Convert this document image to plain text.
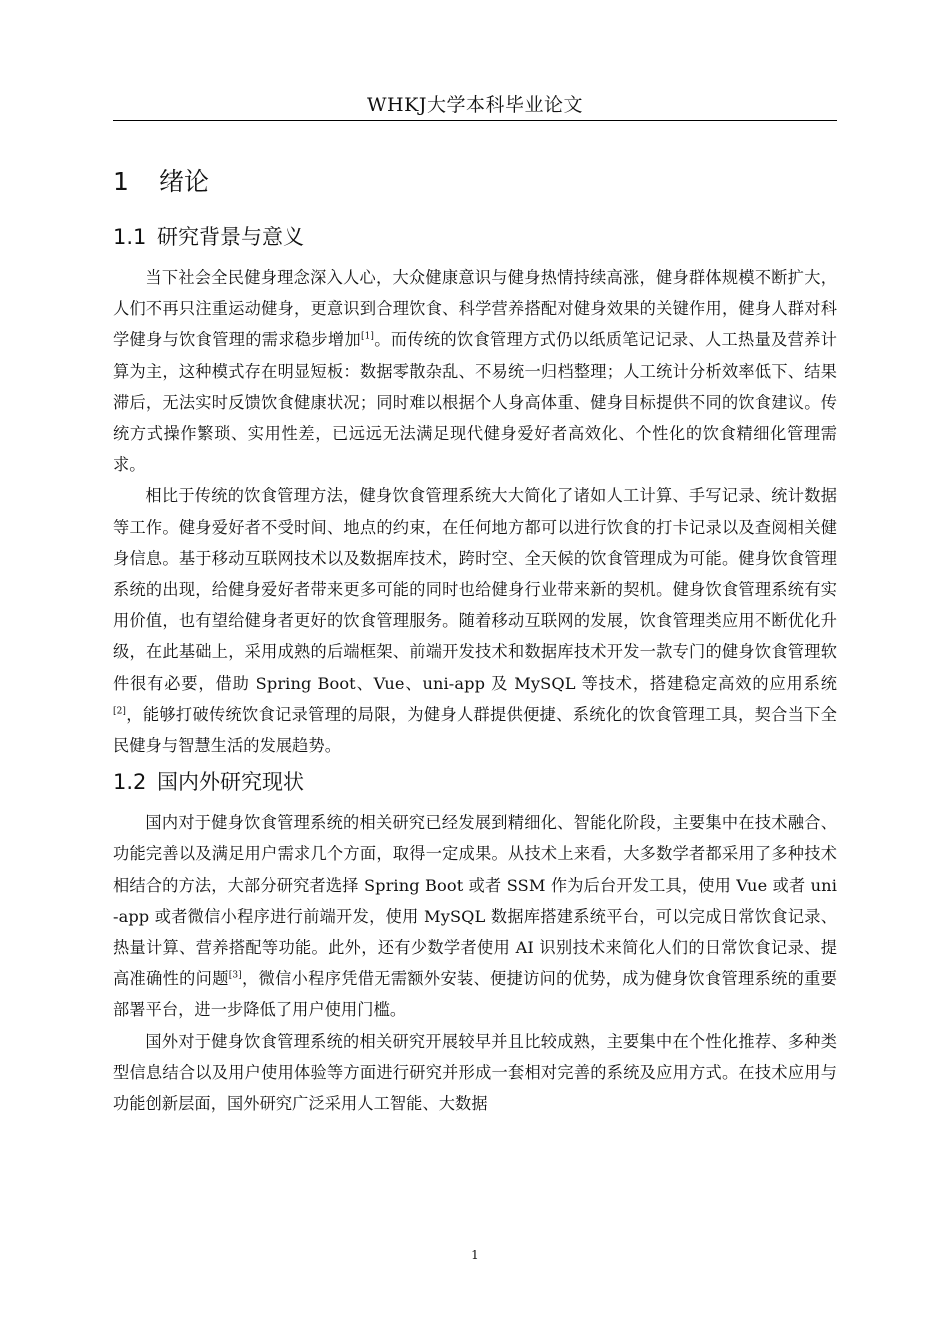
WHKJ大学本科毕业论文
1 绪论
1.1 研究背景与意义

当下社会全民健身理念深入人心，大众健康意识与健身热情持续高涨，健身群体规模不断扩大，人们不再只注重运动健身，更意识到合理饮食、科学营养搭配对健身效果的关键作用，健身人群对科学健身与饮食管理的需求稳步增加[1]。而传统的饮食管理方式仍以纸质笔记记录、人工热量及营养计算为主，这种模式存在明显短板：数据零散杂乱、不易统一归档整理；人工统计分析效率低下、结果滞后，无法实时反馈饮食健康状况；同时难以根据个人身高体重、健身目标提供不同的饮食建议。传统方式操作繁琐、实用性差，已远远无法满足现代健身爱好者高效化、个性化的饮食精细化管理需求。

相比于传统的饮食管理方法，健身饮食管理系统大大简化了诸如人工计算、手写记录、统计数据等工作。健身爱好者不受时间、地点的约束，在任何地方都可以进行饮食的打卡记录以及查阅相关健身信息。基于移动互联网技术以及数据库技术，跨时空、全天候的饮食管理成为可能。健身饮食管理系统的出现，给健身爱好者带来更多可能的同时也给健身行业带来新的契机。健身饮食管理系统有实用价值，也有望给健身者更好的饮食管理服务。随着移动互联网的发展，饮食管理类应用不断优化升级，在此基础上，采用成熟的后端框架、前端开发技术和数据库技术开发一款专门的健身饮食管理软件很有必要，借助 Spring Boot、Vue、uni-app 及 MySQL 等技术，搭建稳定高效的应用系统[2]，能够打破传统饮食记录管理的局限，为健身人群提供便捷、系统化的饮食管理工具，契合当下全民健身与智慧生活的发展趋势。

1.2 国内外研究现状

国内对于健身饮食管理系统的相关研究已经发展到精细化、智能化阶段，主要集中在技术融合、功能完善以及满足用户需求几个方面，取得一定成果。从技术上来看，大多数学者都采用了多种技术相结合的方法，大部分研究者选择 Spring Boot 或者 SSM 作为后台开发工具，使用 Vue 或者 uni-app 或者微信小程序进行前端开发，使用 MySQL 数据库搭建系统平台，可以完成日常饮食记录、热量计算、营养搭配等功能。此外，还有少数学者使用 AI 识别技术来简化人们的日常饮食记录、提高准确性的问题[3]，微信小程序凭借无需额外安装、便捷访问的优势，成为健身饮食管理系统的重要部署平台，进一步降低了用户使用门槛。

国外对于健身饮食管理系统的相关研究开展较早并且比较成熟，主要集中在个性化推荐、多种类型信息结合以及用户使用体验等方面进行研究并形成一套相对完善的系统及应用方式。在技术应用与功能创新层面，国外研究广泛采用人工智能、大数据

1
